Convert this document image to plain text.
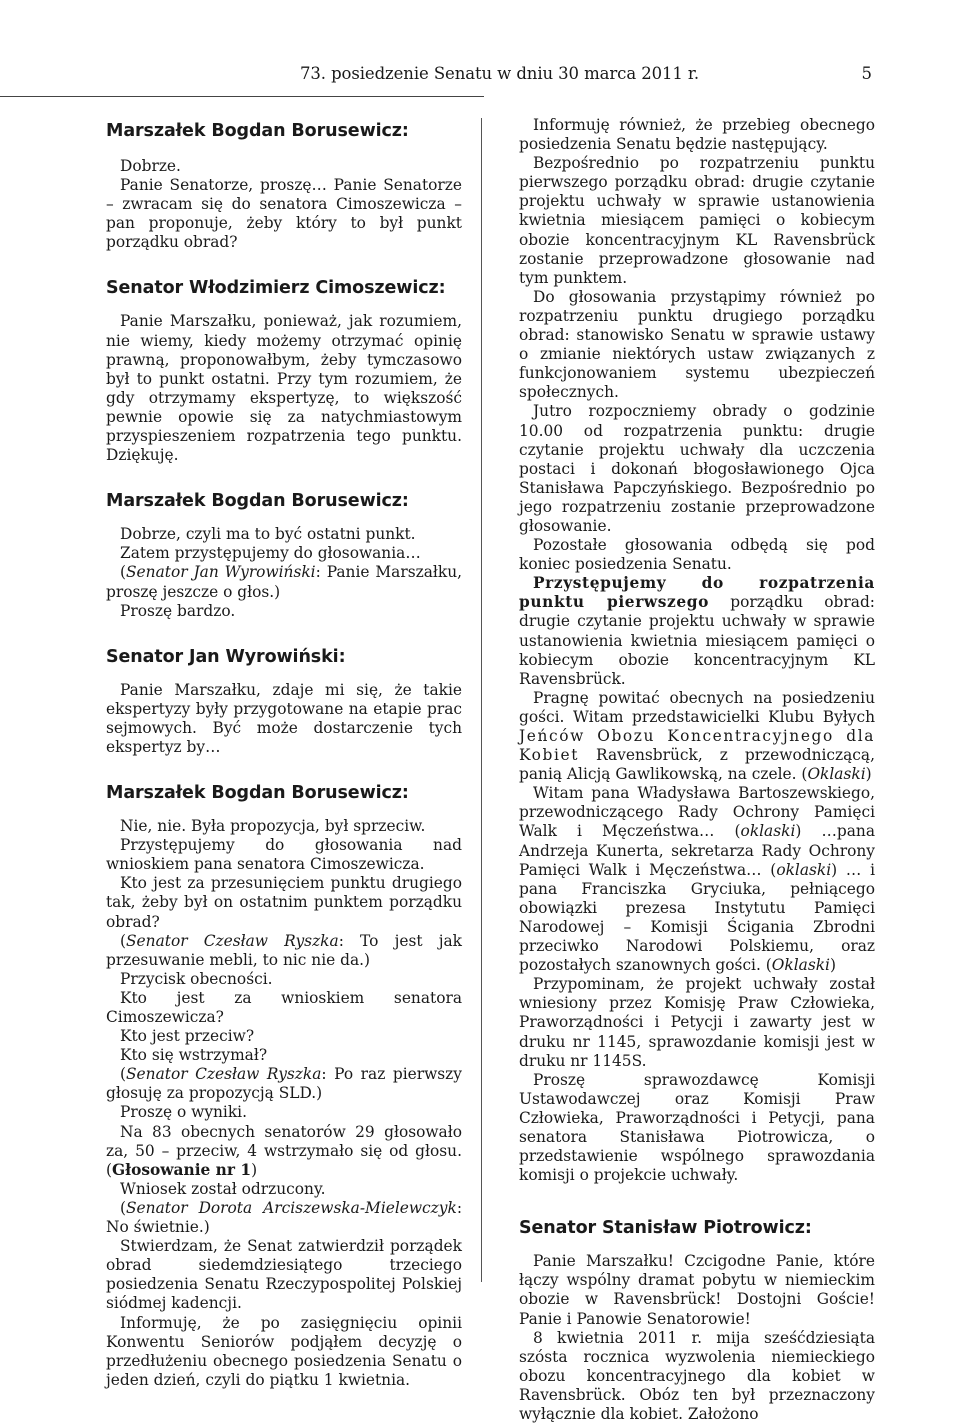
73. posiedzenie Senatu w dniu 30 marca 2011 r.	5
Marszałek Bogdan Borusewicz:

Dobrze.

Panie Senatorze, proszę… Panie Senatorze – zwracam się do senatora Cimoszewicza – pan proponuje, żeby który to był punkt porządku obrad?

Senator Włodzimierz Cimoszewicz:

Panie Marszałku, ponieważ, jak rozumiem, nie wiemy, kiedy możemy otrzymać opinię prawną, proponowałbym, żeby tymczasowo był to punkt ostatni. Przy tym rozumiem, że gdy otrzymamy ekspertyzę, to większość pewnie opowie się za natychmiastowym przyspieszeniem rozpatrzenia tego punktu. Dziękuję.

Marszałek Bogdan Borusewicz:

Dobrze, czyli ma to być ostatni punkt.

Zatem przystępujemy do głosowania…

(Senator Jan Wyrowiński: Panie Marszałku, proszę jeszcze o głos.)

Proszę bardzo.

Senator Jan Wyrowiński:

Panie Marszałku, zdaje mi się, że takie ekspertyzy były przygotowane na etapie prac sejmowych. Być może dostarczenie tych ekspertyz by…

Marszałek Bogdan Borusewicz:

Nie, nie. Była propozycja, był sprzeciw.

Przystępujemy do głosowania nad wnioskiem pana senatora Cimoszewicza.

Kto jest za przesunięciem punktu drugiego tak, żeby był on ostatnim punktem porządku obrad?

(Senator Czesław Ryszka: To jest jak przesuwanie mebli, to nic nie da.)

Przycisk obecności.

Kto jest za wnioskiem senatora Cimoszewicza?

Kto jest przeciw?

Kto się wstrzymał?

(Senator Czesław Ryszka: Po raz pierwszy głosuję za propozycją SLD.)

Proszę o wyniki.

Na 83 obecnych senatorów 29 głosowało za, 50 – przeciw, 4 wstrzymało się od głosu. (Głosowanie nr 1)

Wniosek został odrzucony.

(Senator Dorota Arciszewska-Mielewczyk: No świetnie.)

Stwierdzam, że Senat zatwierdził porządek obrad siedemdziesiątego trzeciego posiedzenia Senatu Rzeczypospolitej Polskiej siódmej kadencji.

Informuję, że po zasięgnięciu opinii Konwentu Seniorów podjąłem decyzję o przedłużeniu obecnego posiedzenia Senatu o jeden dzień, czyli do piątku 1 kwietnia.

Informuję również, że przebieg obecnego posiedzenia Senatu będzie następujący.

Bezpośrednio po rozpatrzeniu punktu pierwszego porządku obrad: drugie czytanie projektu uchwały w sprawie ustanowienia kwietnia miesiącem pamięci o kobiecym obozie koncentracyjnym KL Ravensbrück zostanie przeprowadzone głosowanie nad tym punktem.

Do głosowania przystąpimy również po rozpatrzeniu punktu drugiego porządku obrad: stanowisko Senatu w sprawie ustawy o zmianie niektórych ustaw związanych z funkcjonowaniem systemu ubezpieczeń społecznych.

Jutro rozpoczniemy obrady o godzinie 10.00 od rozpatrzenia punktu: drugie czytanie projektu uchwały dla uczczenia postaci i dokonań błogosławionego Ojca Stanisława Papczyńskiego. Bezpośrednio po jego rozpatrzeniu zostanie przeprowadzone głosowanie.

Pozostałe głosowania odbędą się pod koniec posiedzenia Senatu.

Przystępujemy do rozpatrzenia punktu pierwszego porządku obrad: drugie czytanie projektu uchwały w sprawie ustanowienia kwietnia miesiącem pamięci o kobiecym obozie koncentracyjnym KL Ravensbrück.

Pragnę powitać obecnych na posiedzeniu gości. Witam przedstawicielki Klubu Byłych Jeńców Obozu Koncentracyjnego dla Kobiet Ravensbrück, z przewodniczącą, panią Alicją Gawlikowską, na czele. (Oklaski)

Witam pana Władysława Bartoszewskiego, przewodniczącego Rady Ochrony Pamięci Walk i Męczeństwa… (oklaski) …pana Andrzeja Kunerta, sekretarza Rady Ochrony Pamięci Walk i Męczeństwa… (oklaski) … i pana Franciszka Gryciuka, pełniącego obowiązki prezesa Instytutu Pamięci Narodowej – Komisji Ścigania Zbrodni przeciwko Narodowi Polskiemu, oraz pozostałych szanownych gości. (Oklaski)

Przypominam, że projekt uchwały został wniesiony przez Komisję Praw Człowieka, Praworządności i Petycji i zawarty jest w druku nr 1145, sprawozdanie komisji jest w druku nr 1145S.

Proszę sprawozdawcę Komisji Ustawodawczej oraz Komisji Praw Człowieka, Praworządności i Petycji, pana senatora Stanisława Piotrowicza, o przedstawienie wspólnego sprawozdania komisji o projekcie uchwały.

Senator Stanisław Piotrowicz:

Panie Marszałku! Czcigodne Panie, które łączy wspólny dramat pobytu w niemieckim obozie w Ravensbrück! Dostojni Goście! Panie i Panowie Senatorowie!

8 kwietnia 2011 r. mija sześćdziesiąta szósta rocznica wyzwolenia niemieckiego obozu koncentracyjnego dla kobiet w Ravensbrück. Obóz ten był przeznaczony wyłącznie dla kobiet. Założono
